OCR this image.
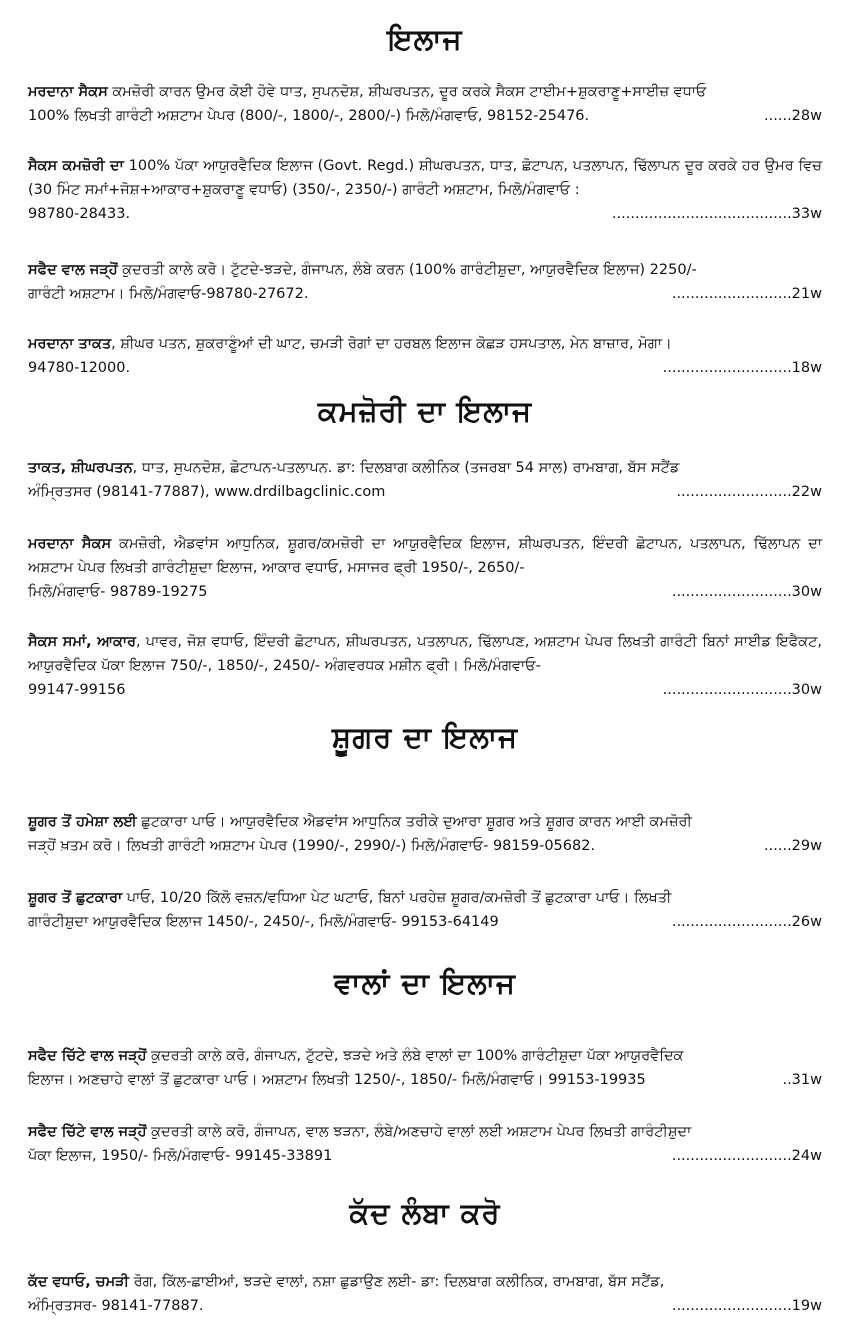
ਇਲਾਜ
ਮਰਦਾਨਾ ਸੈਕਸ ਕਮਜ਼ੋਰੀ ਕਾਰਨ ਉਮਰ ਕੋਈ ਹੋਵੇ ਧਾਤ, ਸੁਪਨਦੋਸ਼, ਸ਼ੀਘਰਪਤਨ, ਦੂਰ ਕਰਕੇ ਸੈਕਸ ਟਾਈਮ+ਸ਼ੁਕਰਾਣੂ+ਸਾਈਜ਼ ਵਧਾਓ
100% ਲਿਖਤੀ ਗਾਰੰਟੀ ਅਸ਼ਟਾਮ ਪੇਪਰ (800/-, 1800/-, 2800/-) ਮਿਲੋ/ਮੰਗਵਾਓ, 98152-25476.	......28w
ਸੈਕਸ ਕਮਜ਼ੋਰੀ ਦਾ 100% ਪੱਕਾ ਆਯੁਰਵੈਦਿਕ ਇਲਾਜ (Govt. Regd.) ਸ਼ੀਘਰਪਤਨ, ਧਾਤ, ਛੋਟਾਪਨ, ਪਤਲਾਪਨ, ਢਿੱਲਾਪਨ ਦੂਰ ਕਰਕੇ ਹਰ ਉਮਰ ਵਿਚ (30 ਮਿੰਟ ਸਮਾਂ+ਜੋਸ਼+ਆਕਾਰ+ਸ਼ੁਕਰਾਣੂ ਵਧਾਓ) (350/-, 2350/-) ਗਾਰੰਟੀ ਅਸ਼ਟਾਮ, ਮਿਲੋ/ਮੰਗਵਾਓ :
98780-28433.	.......................................33w
ਸਫੈਦ ਵਾਲ ਜੜ੍ਹੋਂ ਕੁਦਰਤੀ ਕਾਲੇ ਕਰੋ। ਟੁੱਟਦੇ-ਝੜਦੇ, ਗੰਜਾਪਨ, ਲੰਬੇ ਕਰਨ (100% ਗਾਰੰਟੀਸ਼ੁਦਾ, ਆਯੁਰਵੈਦਿਕ ਇਲਾਜ) 2250/-
ਗਾਰੰਟੀ ਅਸ਼ਟਾਮ। ਮਿਲੋ/ਮੰਗਵਾਓ-98780-27672.	..........................21w
ਮਰਦਾਨਾ ਤਾਕਤ, ਸ਼ੀਘਰ ਪਤਨ, ਸ਼ੁਕਰਾਣੂੰਆਂ ਦੀ ਘਾਟ, ਚਮੜੀ ਰੋਗਾਂ ਦਾ ਹਰਬਲ ਇਲਾਜ ਕੋਛੜ ਹਸਪਤਾਲ, ਮੇਨ ਬਾਜ਼ਾਰ, ਮੋਗਾ।
94780-12000.	............................18w
ਕਮਜ਼ੋਰੀ ਦਾ ਇਲਾਜ
ਤਾਕਤ, ਸ਼ੀਘਰਪਤਨ, ਧਾਤ, ਸੁਪਨਦੋਸ਼, ਛੋਟਾਪਨ-ਪਤਲਾਪਨ. ਡਾ: ਦਿਲਬਾਗ ਕਲੀਨਿਕ (ਤਜਰਬਾ 54 ਸਾਲ) ਰਾਮਬਾਗ, ਬੱਸ ਸਟੈਂਡ
ਅੰਮ੍ਰਿਤਸਰ (98141-77887), www.drdilbagclinic.com	.........................22w
ਮਰਦਾਨਾ ਸੈਕਸ ਕਮਜ਼ੋਰੀ, ਐਡਵਾਂਸ ਆਧੁਨਿਕ, ਸ਼ੂਗਰ/ਕਮਜ਼ੋਰੀ ਦਾ ਆਯੁਰਵੈਦਿਕ ਇਲਾਜ, ਸ਼ੀਘਰਪਤਨ, ਇੰਦਰੀ ਛੋਟਾਪਨ, ਪਤਲਾਪਨ, ਢਿੱਲਾਪਨ ਦਾ ਅਸ਼ਟਾਮ ਪੇਪਰ ਲਿਖਤੀ ਗਾਰੰਟੀਸ਼ੁਦਾ ਇਲਾਜ, ਆਕਾਰ ਵਧਾਓ, ਮਸਾਜਰ ਫ੍ਰੀ 1950/-, 2650/-
ਮਿਲੋ/ਮੰਗਵਾਓ- 98789-19275	..........................30w
ਸੈਕਸ ਸਮਾਂ, ਆਕਾਰ, ਪਾਵਰ, ਜੋਸ਼ ਵਧਾਓ, ਇੰਦਰੀ ਛੋਟਾਪਨ, ਸ਼ੀਘਰਪਤਨ, ਪਤਲਾਪਨ, ਢਿੱਲਾਪਣ, ਅਸ਼ਟਾਮ ਪੇਪਰ ਲਿਖਤੀ ਗਾਰੰਟੀ ਬਿਨਾਂ ਸਾਈਡ ਇਫੈਕਟ, ਆਯੁਰਵੈਦਿਕ ਪੱਕਾ ਇਲਾਜ 750/-, 1850/-, 2450/- ਅੰਗਵਰਧਕ ਮਸ਼ੀਨ ਫ੍ਰੀ। ਮਿਲੋ/ਮੰਗਵਾਓ-
99147-99156	............................30w
ਸ਼ੂਗਰ ਦਾ ਇਲਾਜ
ਸ਼ੂਗਰ ਤੋਂ ਹਮੇਸ਼ਾ ਲਈ ਛੁਟਕਾਰਾ ਪਾਓ। ਆਯੁਰਵੈਦਿਕ ਐਡਵਾਂਸ ਆਧੁਨਿਕ ਤਰੀਕੇ ਦੁਆਰਾ ਸ਼ੂਗਰ ਅਤੇ ਸ਼ੂਗਰ ਕਾਰਨ ਆਈ ਕਮਜ਼ੋਰੀ
ਜੜ੍ਹੋਂ ਖ਼ਤਮ ਕਰੋ। ਲਿਖਤੀ ਗਾਰੰਟੀ ਅਸ਼ਟਾਮ ਪੇਪਰ (1990/-, 2990/-) ਮਿਲੋ/ਮੰਗਵਾਓ- 98159-05682.	......29w
ਸ਼ੂਗਰ ਤੋਂ ਛੁਟਕਾਰਾ ਪਾਓ, 10/20 ਕਿੱਲੋ ਵਜ਼ਨ/ਵਧਿਆ ਪੇਟ ਘਟਾਓ, ਬਿਨਾਂ ਪਰਹੇਜ਼ ਸ਼ੂਗਰ/ਕਮਜ਼ੋਰੀ ਤੋਂ ਛੁਟਕਾਰਾ ਪਾਓ। ਲਿਖਤੀ
ਗਾਰੰਟੀਸ਼ੁਦਾ ਆਯੁਰਵੈਦਿਕ ਇਲਾਜ 1450/-, 2450/-, ਮਿਲੋ/ਮੰਗਵਾਓ- 99153-64149	..........................26w
ਵਾਲਾਂ ਦਾ ਇਲਾਜ
ਸਫੈਦ ਚਿੱਟੇ ਵਾਲ ਜੜ੍ਹੋਂ ਕੁਦਰਤੀ ਕਾਲੇ ਕਰੋ, ਗੰਜਾਪਨ, ਟੁੱਟਦੇ, ਝੜਦੇ ਅਤੇ ਲੰਬੇ ਵਾਲਾਂ ਦਾ 100% ਗਾਰੰਟੀਸ਼ੁਦਾ ਪੱਕਾ ਆਯੁਰਵੈਦਿਕ
ਇਲਾਜ। ਅਣਚਾਹੇ ਵਾਲਾਂ ਤੋਂ ਛੁਟਕਾਰਾ ਪਾਓ। ਅਸ਼ਟਾਮ ਲਿਖਤੀ 1250/-, 1850/- ਮਿਲੋ/ਮੰਗਵਾਓ। 99153-19935	..31w
ਸਫੈਦ ਚਿੱਟੇ ਵਾਲ ਜੜ੍ਹੋਂ ਕੁਦਰਤੀ ਕਾਲੇ ਕਰੋ, ਗੰਜਾਪਨ, ਵਾਲ ਝੜਨਾ, ਲੰਬੇ/ਅਣਚਾਹੇ ਵਾਲਾਂ ਲਈ ਅਸ਼ਟਾਮ ਪੇਪਰ ਲਿਖਤੀ ਗਾਰੰਟੀਸ਼ੁਦਾ
ਪੱਕਾ ਇਲਾਜ, 1950/- ਮਿਲੋ/ਮੰਗਵਾਓ- 99145-33891	..........................24w
ਕੱਦ ਲੰਬਾ ਕਰੋ
ਕੱਦ ਵਧਾਓ, ਚਮੜੀ ਰੋਗ, ਕਿੱਲ-ਛਾਈਆਂ, ਝੜਦੇ ਵਾਲਾਂ, ਨਸ਼ਾ ਛੁਡਾਉਣ ਲਈ- ਡਾ: ਦਿਲਬਾਗ ਕਲੀਨਿਕ, ਰਾਮਬਾਗ, ਬੱਸ ਸਟੈਂਡ,
ਅੰਮ੍ਰਿਤਸਰ- 98141-77887.	..........................19w
